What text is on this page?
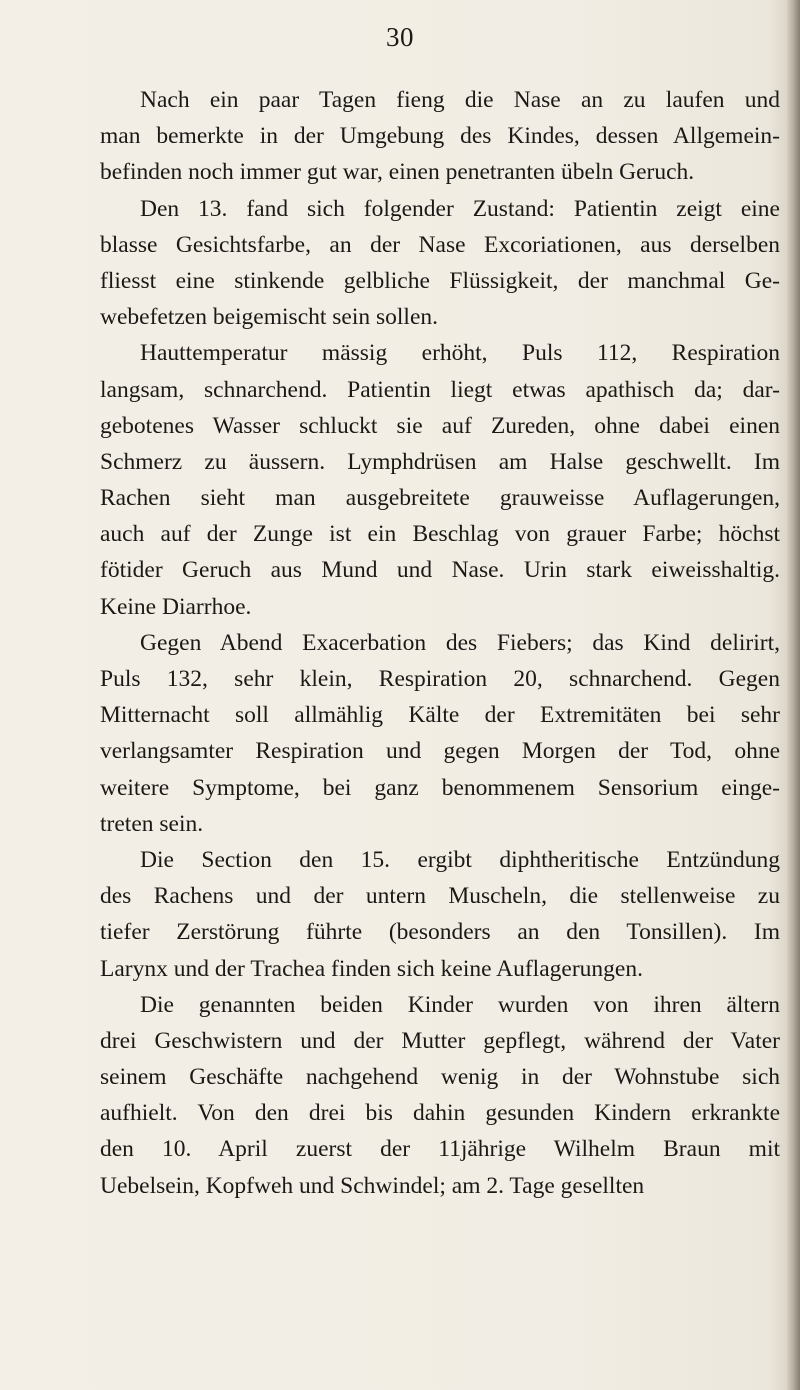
30
Nach ein paar Tagen fieng die Nase an zu laufen und
man bemerkte in der Umgebung des Kindes, dessen Allgemein-
befinden noch immer gut war, einen penetranten übeln Geruch.
Den 13. fand sich folgender Zustand: Patientin zeigt eine
blasse Gesichtsfarbe, an der Nase Excoriationen, aus derselben
fliesst eine stinkende gelbliche Flüssigkeit, der manchmal Ge-
webefetzen beigemischt sein sollen.
Hauttemperatur mässig erhöht, Puls 112, Respiration
langsam, schnarchend. Patientin liegt etwas apathisch da; dar-
gebotenes Wasser schluckt sie auf Zureden, ohne dabei einen
Schmerz zu äussern. Lymphdrüsen am Halse geschwellt. Im
Rachen sieht man ausgebreitete grauweisse Auflagerungen,
auch auf der Zunge ist ein Beschlag von grauer Farbe; höchst
fötider Geruch aus Mund und Nase. Urin stark eiweisshaltig.
Keine Diarrhoe.
Gegen Abend Exacerbation des Fiebers; das Kind delirirt,
Puls 132, sehr klein, Respiration 20, schnarchend. Gegen
Mitternacht soll allmählig Kälte der Extremitäten bei sehr
verlangsamter Respiration und gegen Morgen der Tod, ohne
weitere Symptome, bei ganz benommenem Sensorium einge-
treten sein.
Die Section den 15. ergibt diphtheritische Entzündung
des Rachens und der untern Muscheln, die stellenweise zu
tiefer Zerstörung führte (besonders an den Tonsillen). Im
Larynx und der Trachea finden sich keine Auflagerungen.
Die genannten beiden Kinder wurden von ihren ältern
drei Geschwistern und der Mutter gepflegt, während der Vater
seinem Geschäfte nachgehend wenig in der Wohnstube sich
aufhielt. Von den drei bis dahin gesunden Kindern erkrankte
den 10. April zuerst der 11jährige Wilhelm Braun mit
Uebelsein, Kopfweh und Schwindel; am 2. Tage gesellten
